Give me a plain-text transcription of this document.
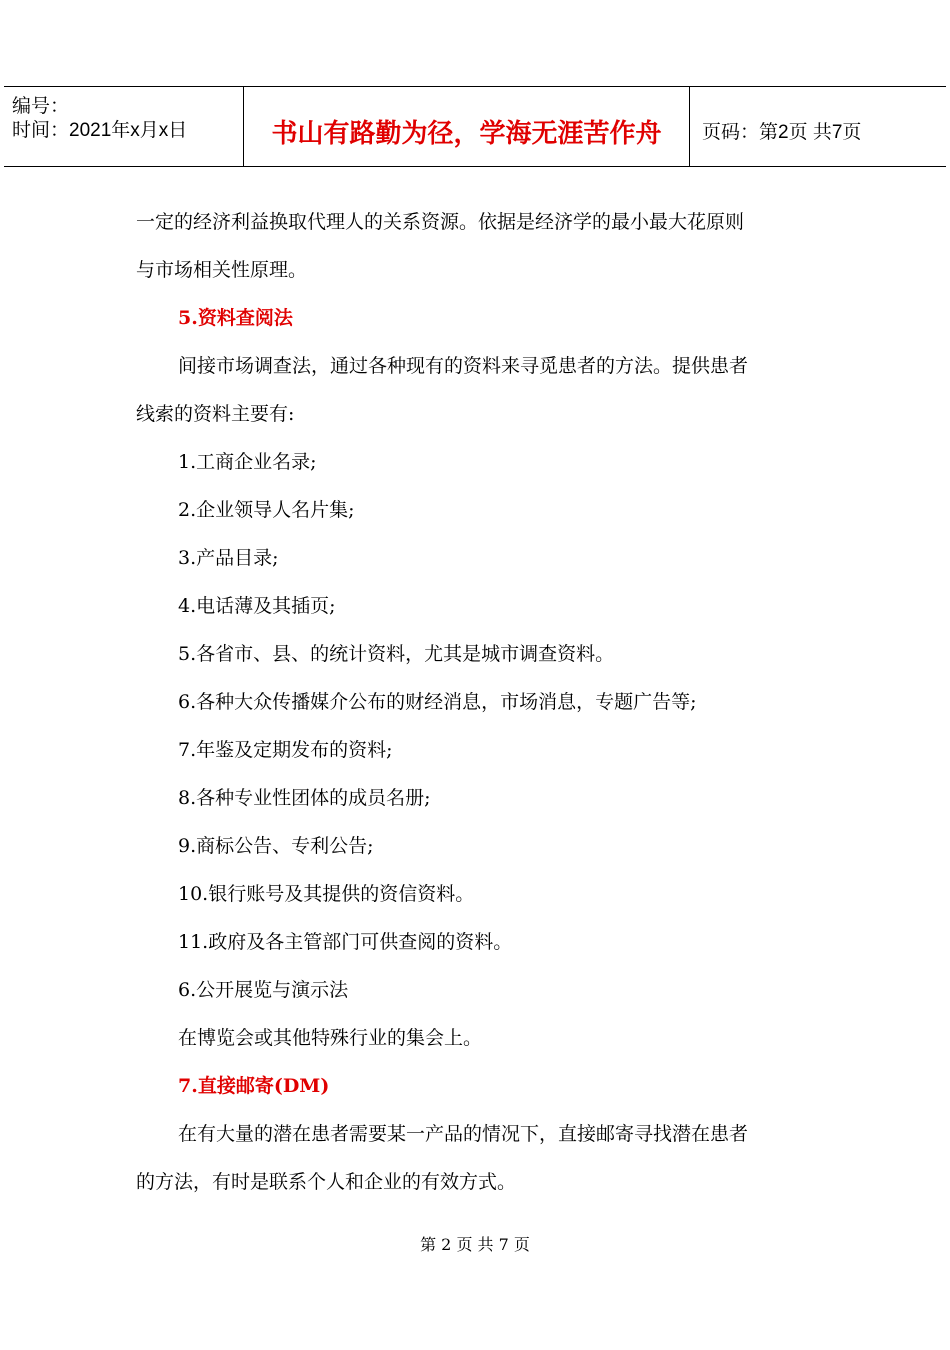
编号：
时间：2021年x月x日	书山有路勤为径，学海无涯苦作舟	页码：第2页 共7页
一定的经济利益换取代理人的关系资源。依据是经济学的最小最大花原则
与市场相关性原理。
5.资料查阅法
间接市场调查法，通过各种现有的资料来寻觅患者的方法。提供患者
线索的资料主要有:
1.工商企业名录;
2.企业领导人名片集;
3.产品目录;
4.电话薄及其插页;
5.各省市、县、的统计资料，尤其是城市调查资料。
6.各种大众传播媒介公布的财经消息，市场消息，专题广告等;
7.年鉴及定期发布的资料;
8.各种专业性团体的成员名册;
9.商标公告、专利公告;
10.银行账号及其提供的资信资料。
11.政府及各主管部门可供查阅的资料。
6.公开展览与演示法
在博览会或其他特殊行业的集会上。
7.直接邮寄(DM)
在有大量的潜在患者需要某一产品的情况下，直接邮寄寻找潜在患者
的方法，有时是联系个人和企业的有效方式。
第 2 页 共 7 页
